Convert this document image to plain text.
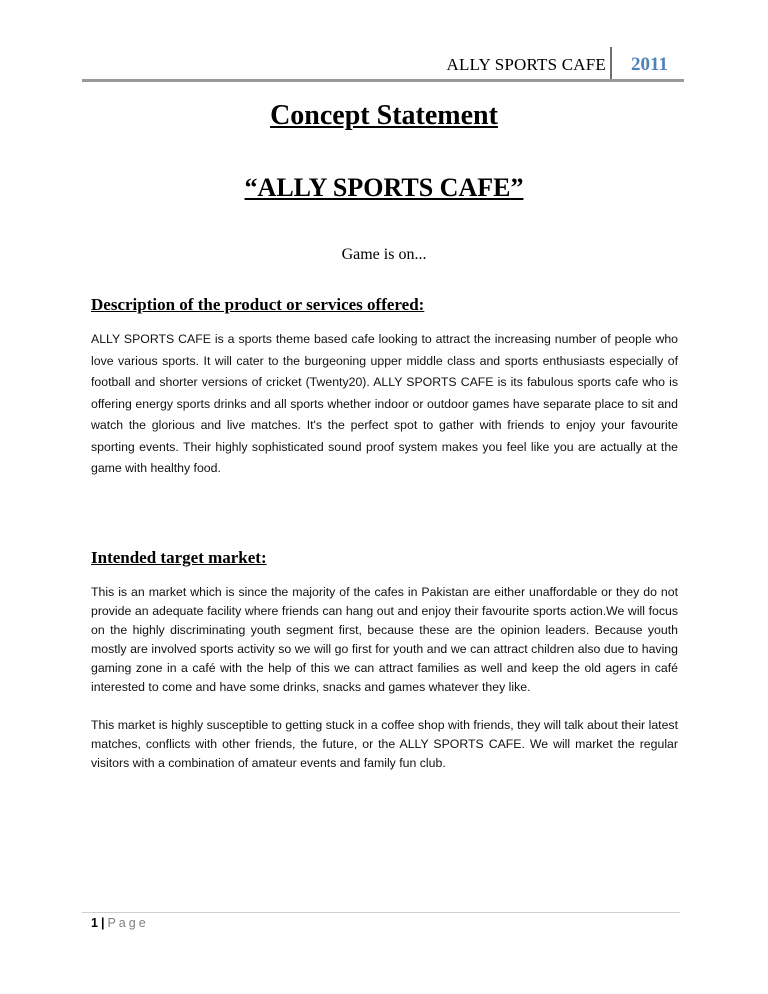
ALLY SPORTS CAFE 2011
Concept Statement
“ALLY SPORTS CAFE”
Game is on...
Description of the product or services offered:

ALLY SPORTS CAFE is a sports theme based cafe looking to attract the increasing number of people who love various sports. It will cater to the burgeoning upper middle class and sports enthusiasts especially of football and shorter versions of cricket (Twenty20). ALLY SPORTS CAFE is its fabulous sports cafe who is offering energy sports drinks and all sports whether indoor or outdoor games have separate place to sit and watch the glorious and live matches. It's the perfect spot to gather with friends to enjoy your favourite sporting events. Their highly sophisticated sound proof system makes you feel like you are actually at the game with healthy food.

Intended target market:

This is an market which is since the majority of the cafes in Pakistan are either unaffordable or they do not provide an adequate facility where friends can hang out and enjoy their favourite sports action.We will focus on the highly discriminating youth segment first, because these are the opinion leaders. Because youth mostly are involved sports activity so we will go first for youth and we can attract children also due to having gaming zone in a café with the help of this we can attract families as well and keep the old agers in café interested to come and have some drinks, snacks and games whatever they like.

This market is highly susceptible to getting stuck in a coffee shop with friends, they will talk about their latest matches, conflicts with other friends, the future, or the ALLY SPORTS CAFE. We will market the regular visitors with a combination of amateur events and family fun club.

1 | Page
